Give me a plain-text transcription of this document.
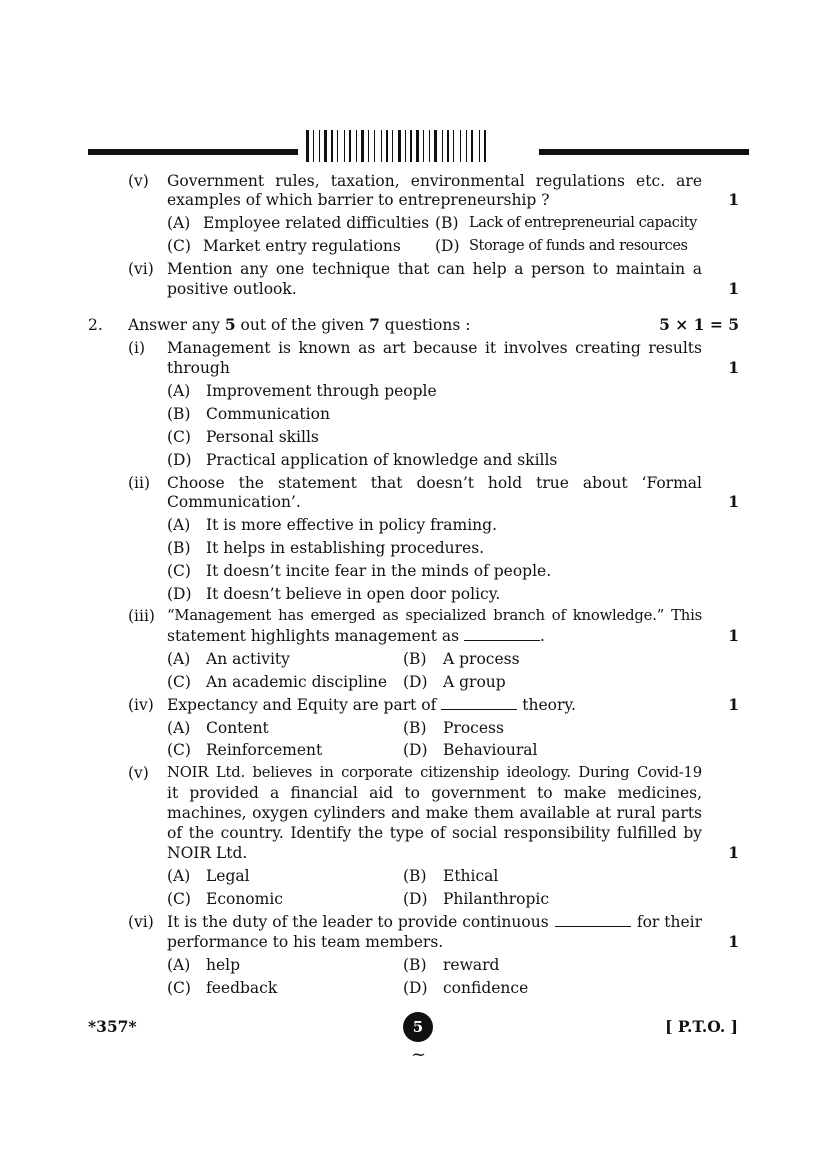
(v) Government rules, taxation, environmental regulations etc. are
examples of which barrier to entrepreneurship ?	1
(A) Employee related difficulties (B) Lack of entrepreneurial capacity
(C) Market entry regulations (D) Storage of funds and resources
(vi) Mention any one technique that can help a person to maintain a
positive outlook.	1
2. Answer any 5 out of the given 7 questions :	5 × 1 = 5
(i) Management is known as art because it involves creating results
through	1
(A) Improvement through people
(B) Communication
(C) Personal skills
(D) Practical application of knowledge and skills
(ii) Choose the statement that doesn’t hold true about ‘Formal
Communication’.	1
(A) It is more effective in policy framing.
(B) It helps in establishing procedures.
(C) It doesn’t incite fear in the minds of people.
(D) It doesn’t believe in open door policy.
(iii) “Management has emerged as specialized branch of knowledge.” This
statement highlights management as	.	1
(A) An activity	(B) A process
(C) An academic discipline (D) A group
(iv) Expectancy and Equity are part of	theory.	1
(A) Content	(B) Process
(C) Reinforcement	(D) Behavioural
(v) NOIR Ltd. believes in corporate citizenship ideology. During Covid-19
it provided a financial aid to government to make medicines,
machines, oxygen cylinders and make them available at rural parts
of the country. Identify the type of social responsibility fulfilled by
NOIR Ltd.	1
(A) Legal	(B) Ethical
(C) Economic	(D) Philanthropic
(vi) It is the duty of the leader to provide continuous	for their
performance to his team members.	1
(A) help	(B) reward
(C) feedback	(D) confidence
*357*	5
~
[ P.T.O. ]
